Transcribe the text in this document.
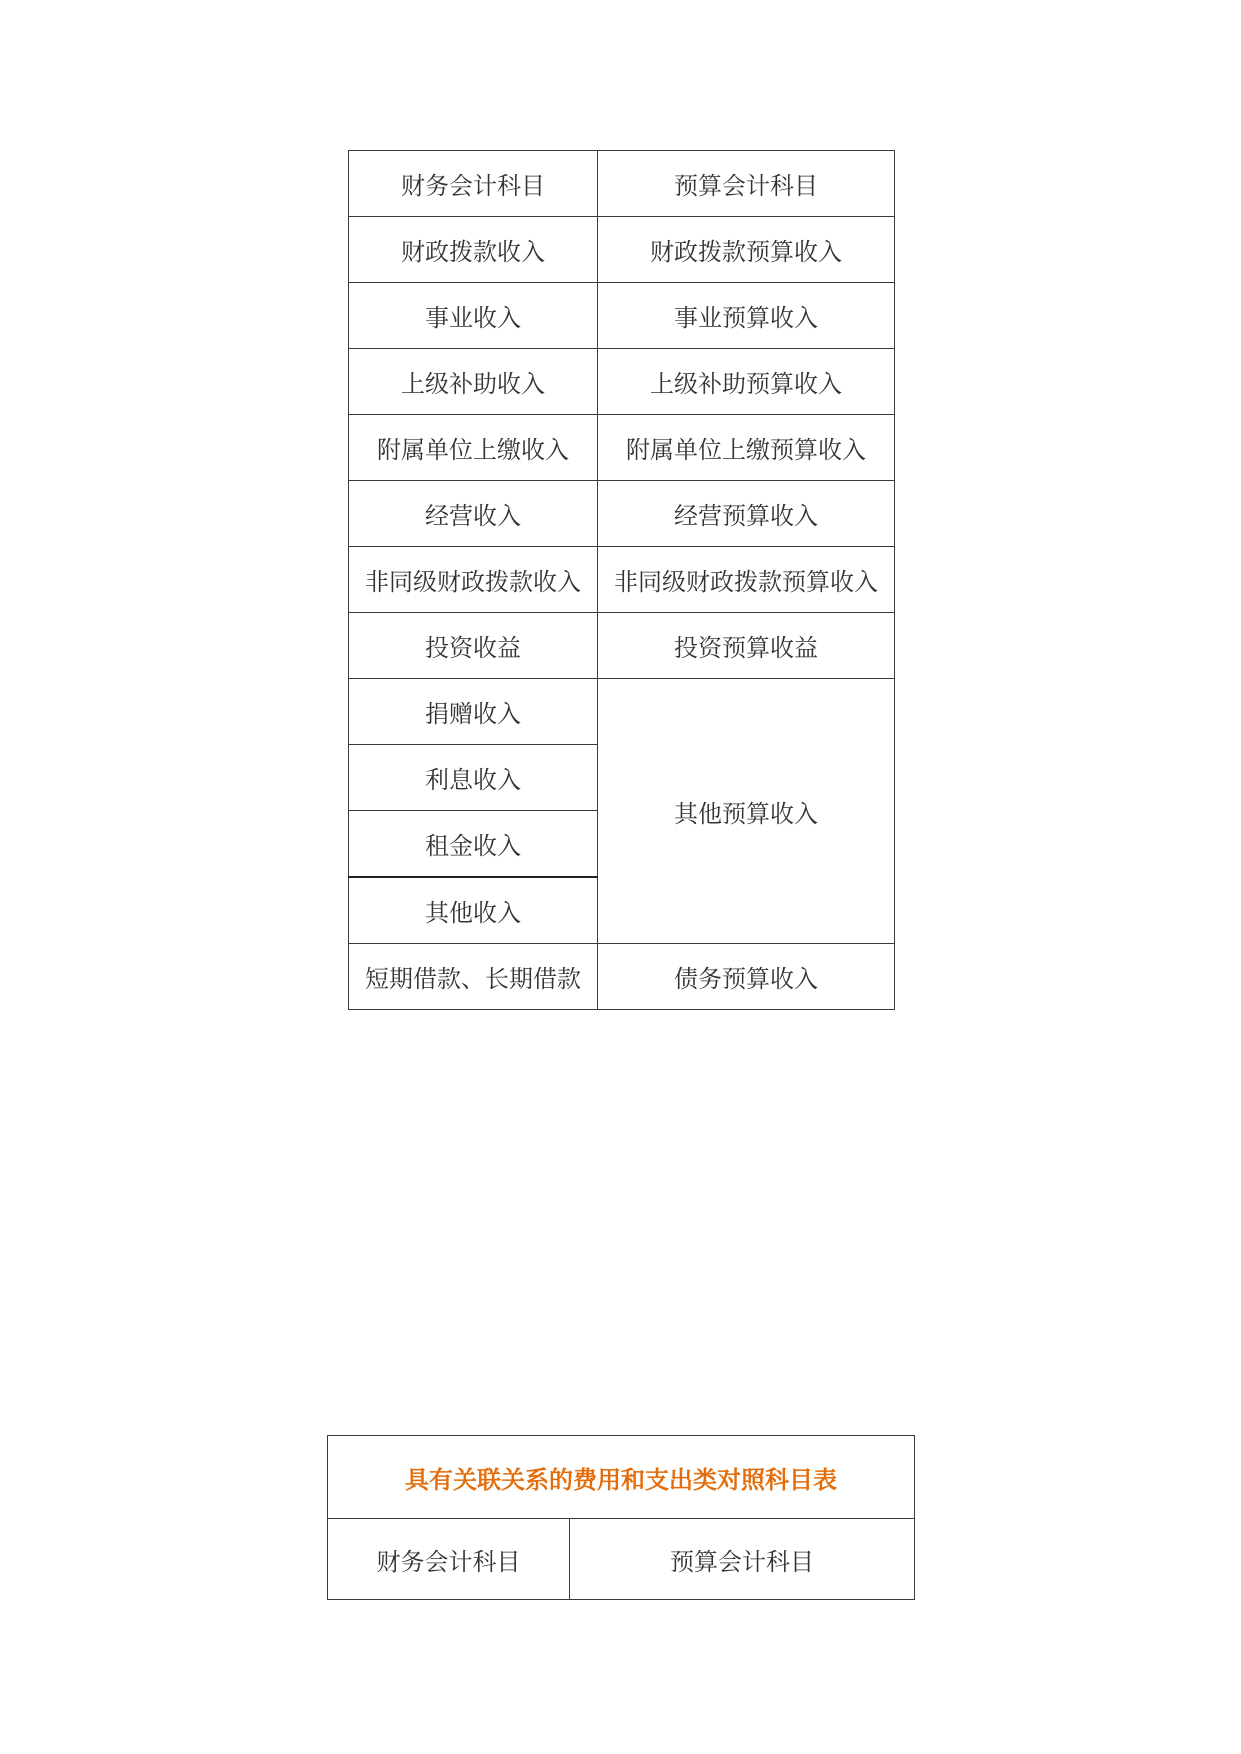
财务会计科目	预算会计科目
财政拨款收入	财政拨款预算收入
事业收入	事业预算收入
上级补助收入	上级补助预算收入
附属单位上缴收入	附属单位上缴预算收入
经营收入	经营预算收入
非同级财政拨款收入	非同级财政拨款预算收入
投资收益	投资预算收益
捐赠收入	其他预算收入
利息收入	
租金收入	
其他收入	
短期借款、长期借款	债务预算收入
具有关联关系的费用和支出类对照科目表
财务会计科目	预算会计科目
